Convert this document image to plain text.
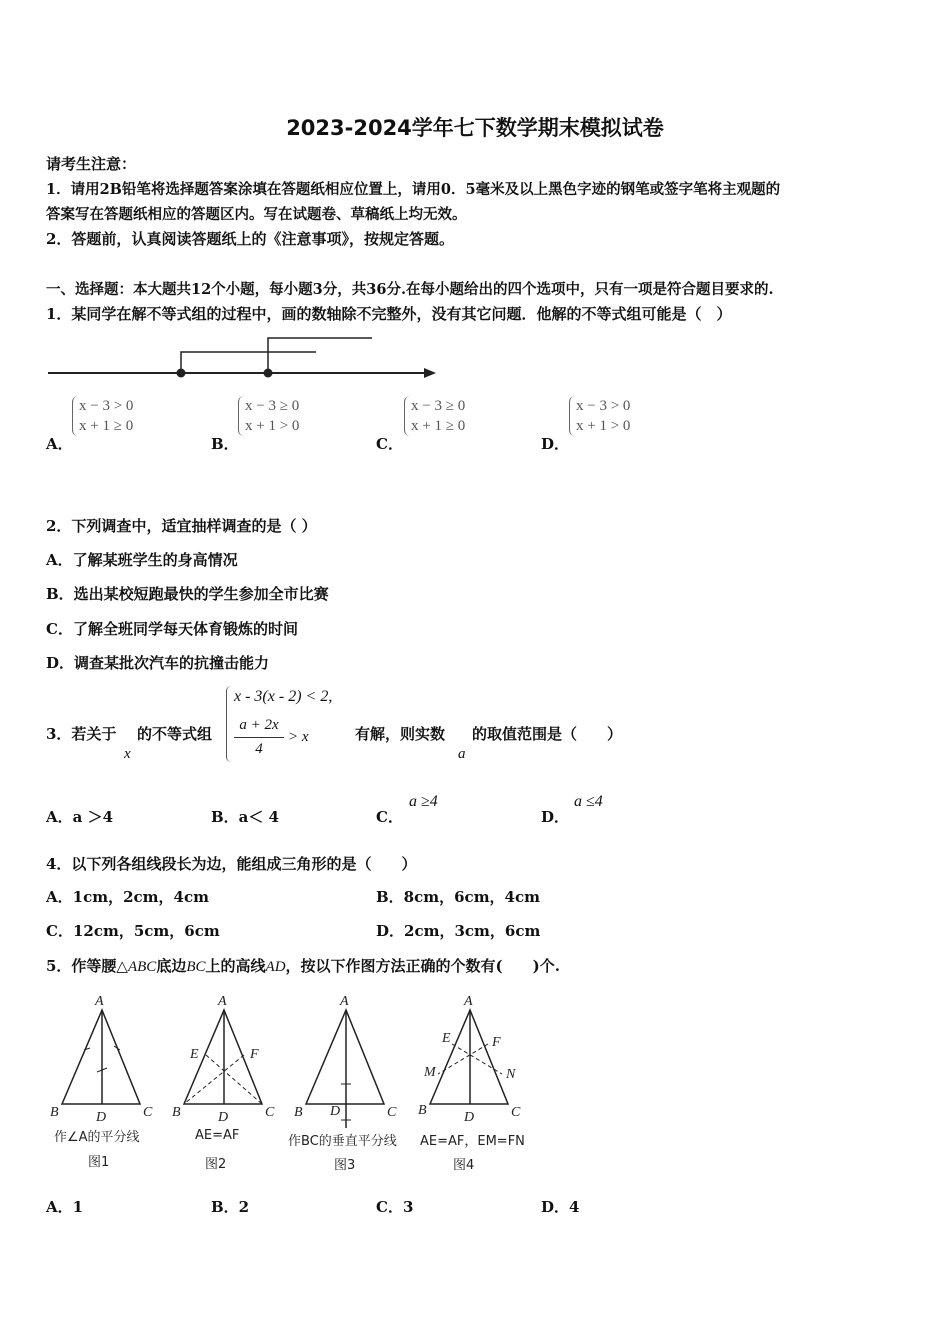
2023-2024学年七下数学期末模拟试卷
请考生注意：
1．请用2B铅笔将选择题答案涂填在答题纸相应位置上，请用0．5毫米及以上黑色字迹的钢笔或签字笔将主观题的
答案写在答题纸相应的答题区内。写在试题卷、草稿纸上均无效。
2．答题前，认真阅读答题纸上的《注意事项》，按规定答题。
一、选择题：本大题共12个小题，每小题3分，共36分.在每小题给出的四个选项中，只有一项是符合题目要求的.
1．某同学在解不等式组的过程中，画的数轴除不完整外，没有其它问题．他解的不等式组可能是（　）
A．
x − 3 > 0
x + 1 ≥ 0
B．
x − 3 ≥ 0
x + 1 > 0
C．
x − 3 ≥ 0
x + 1 ≥ 0
D．
x − 3 > 0
x + 1 > 0
2．下列调查中，适宜抽样调查的是（ ）
A．了解某班学生的身高情况
B．选出某校短跑最快的学生参加全市比赛
C．了解全班同学每天体育锻炼的时间
D．调查某批次汽车的抗撞击能力
3．若关于
x
的不等式组
x - 3(x - 2) < 2,
a + 2x
4
> x	有解，则实数
a
的取值范围是（　　）
A．a ＞4	B．a＜ 4	C．
a ≥4
D．
a ≤4
4．以下列各组线段长为边，能组成三角形的是（　　）
A．1cm，2cm，4cm	B．8cm，6cm，4cm
C．12cm，5cm，6cm	D．2cm，3cm，6cm
5．作等腰△ABC底边BC上的高线AD，按以下作图方法正确的个数有(　　)个.
A
B	C
D
A
E	F
B	C
D
A
B	C
D
A
E	F
M	N
B	C
D
作∠A的平分线
图1
AE=AF
图2
作BC的垂直平分线
图3
AE=AF，EM=FN
图4
A．1	B．2	C．3	D．4
